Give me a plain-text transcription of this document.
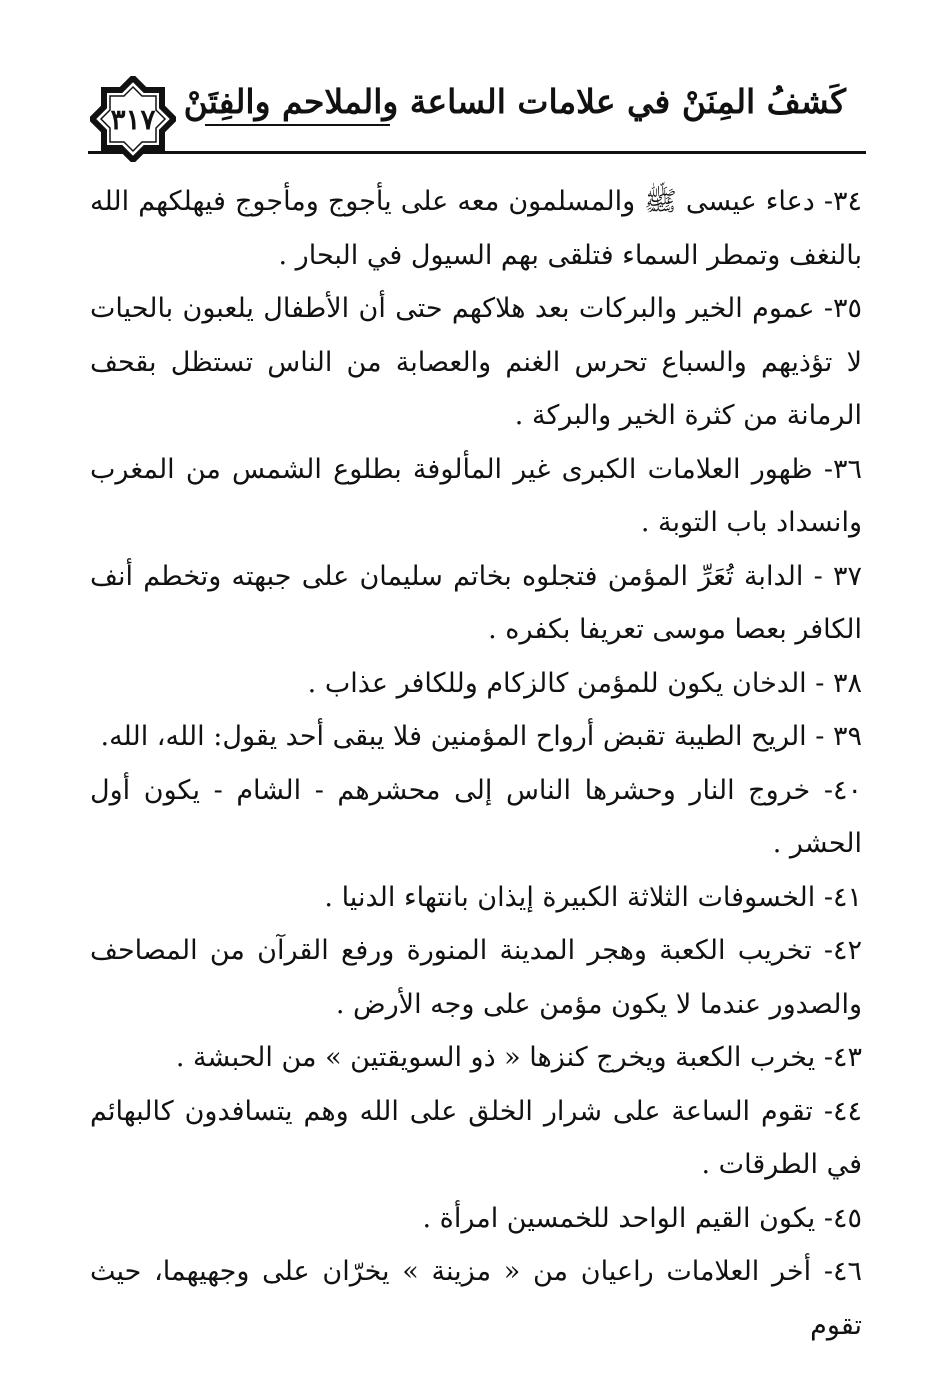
كَشفُ المِنَنْ في علامات الساعة والملاحم والفِتَنْ
٣١٧

٣٤- دعاء عيسى ﷺ والمسلمون معه على يأجوج ومأجوج فيهلكهم الله بالنغف وتمطر السماء فتلقى بهم السيول في البحار .

٣٥- عموم الخير والبركات بعد هلاكهم حتى أن الأطفال يلعبون بالحيات لا تؤذيهم والسباع تحرس الغنم والعصابة من الناس تستظل بقحف الرمانة من كثرة الخير والبركة .

٣٦- ظهور العلامات الكبرى غير المألوفة بطلوع الشمس من المغرب وانسداد باب التوبة .

٣٧ - الدابة تُعَرِّ المؤمن فتجلوه بخاتم سليمان على جبهته وتخطم أنف الكافر بعصا موسى تعريفا بكفره .

٣٨ - الدخان يكون للمؤمن كالزكام وللكافر عذاب .

٣٩ - الريح الطيبة تقبض أرواح المؤمنين فلا يبقى أحد يقول: الله، الله.

٤٠- خروج النار وحشرها الناس إلى محشرهم - الشام - يكون أول الحشر .

٤١- الخسوفات الثلاثة الكبيرة إيذان بانتهاء الدنيا .

٤٢- تخريب الكعبة وهجر المدينة المنورة ورفع القرآن من المصاحف والصدور عندما لا يكون مؤمن على وجه الأرض .

٤٣- يخرب الكعبة ويخرج كنزها « ذو السويقتين » من الحبشة .

٤٤- تقوم الساعة على شرار الخلق على الله وهم يتسافدون كالبهائم في الطرقات .

٤٥- يكون القيم الواحد للخمسين امرأة .

٤٦- أخر العلامات راعيان من « مزينة » يخرّان على وجهيهما، حيث تقوم
